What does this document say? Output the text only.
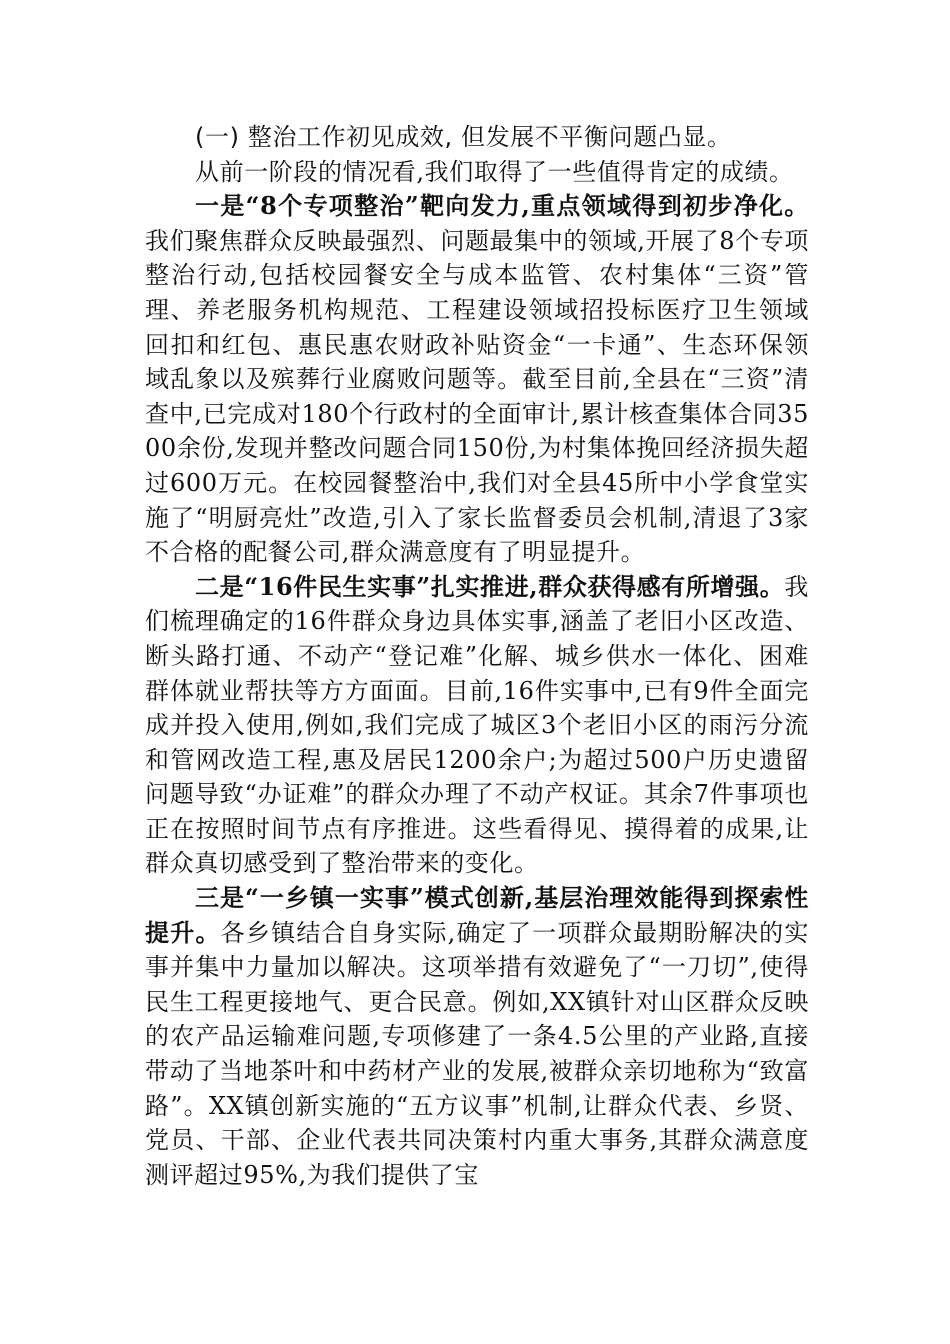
(一) 整治工作初见成效, 但发展不平衡问题凸显。

从前一阶段的情况看,我们取得了一些值得肯定的成绩。

一是“8个专项整治”靶向发力,重点领域得到初步净化。我们聚焦群众反映最强烈、问题最集中的领域,开展了8个专项整治行动,包括校园餐安全与成本监管、农村集体“三资”管理、养老服务机构规范、工程建设领域招投标医疗卫生领域回扣和红包、惠民惠农财政补贴资金“一卡通”、生态环保领域乱象以及殡葬行业腐败问题等。截至目前,全县在“三资”清查中,已完成对180个行政村的全面审计,累计核查集体合同3500余份,发现并整改问题合同150份,为村集体挽回经济损失超过600万元。在校园餐整治中,我们对全县45所中小学食堂实施了“明厨亮灶”改造,引入了家长监督委员会机制,清退了3家不合格的配餐公司,群众满意度有了明显提升。

二是“16件民生实事”扎实推进,群众获得感有所增强。我们梳理确定的16件群众身边具体实事,涵盖了老旧小区改造、断头路打通、不动产“登记难”化解、城乡供水一体化、困难群体就业帮扶等方方面面。目前,16件实事中,已有9件全面完成并投入使用,例如,我们完成了城区3个老旧小区的雨污分流和管网改造工程,惠及居民1200余户;为超过500户历史遗留问题导致“办证难”的群众办理了不动产权证。其余7件事项也正在按照时间节点有序推进。这些看得见、摸得着的成果,让群众真切感受到了整治带来的变化。

三是“一乡镇一实事”模式创新,基层治理效能得到探索性提升。各乡镇结合自身实际,确定了一项群众最期盼解决的实事并集中力量加以解决。这项举措有效避免了“一刀切”,使得民生工程更接地气、更合民意。例如,XX镇针对山区群众反映的农产品运输难问题,专项修建了一条4.5公里的产业路,直接带动了当地茶叶和中药材产业的发展,被群众亲切地称为“致富路”。XX镇创新实施的“五方议事”机制,让群众代表、乡贤、党员、干部、企业代表共同决策村内重大事务,其群众满意度测评超过95%,为我们提供了宝
